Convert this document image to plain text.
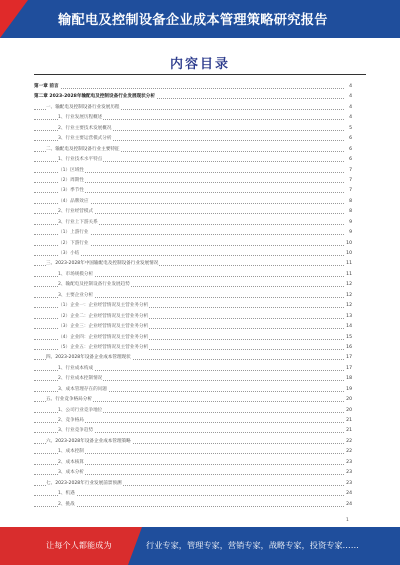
输配电及控制设备企业成本管理策略研究报告
内容目录
第一章 前言	4
第二章 2023-2028年输配电及控制设备行业发展现状分析	4
一、输配电及控制设备行业发展历程	4
1、行业发展历程概述	4
2、行业主要技术发展概况	5
3、行业主要运营模式分析	6
二、输配电及控制设备行业主要特征	6
1、行业技术水平特点	6
（1）区域性	7
（2）周期性	7
（3）季节性	7
（4）品牌效应	8
2、行业经营模式	8
3、行业上下游关系	9
（1）上游行业	9
（2）下游行业	10
（3）小结	10
三、2023-2028年中国输配电及控制设备行业发展情况	11
1、市场规模分析	11
2、输配电及控制设备行业发展趋势	12
3、主要企业分析	12
（1）企业一：企业经营情况及主营业务分析	12
（2）企业二：企业经营情况及主营业务分析	13
（3）企业三：企业经营情况及主营业务分析	14
（4）企业四：企业经营情况及主营业务分析	15
（5）企业五：企业经营情况及主营业务分析	16
四、2023-2028年设备企业成本管理现状	17
1、行业成本构成	17
2、行业成本控制情况	18
3、成本管理存在的问题	19
五、行业竞争格局分析	20
1、公司行业竞争地位	20
2、竞争格局	21
3、行业竞争趋势	21
六、2023-2028年设备企业成本管理策略	22
1、成本控制	22
2、成本核算	23
3、成本分析	23
七、2023-2028年行业发展前景预测	23
1、机遇	24
2、挑战	24
1
让每个人都能成为	行业专家，管理专家，营销专家，战略专家，投资专家……
